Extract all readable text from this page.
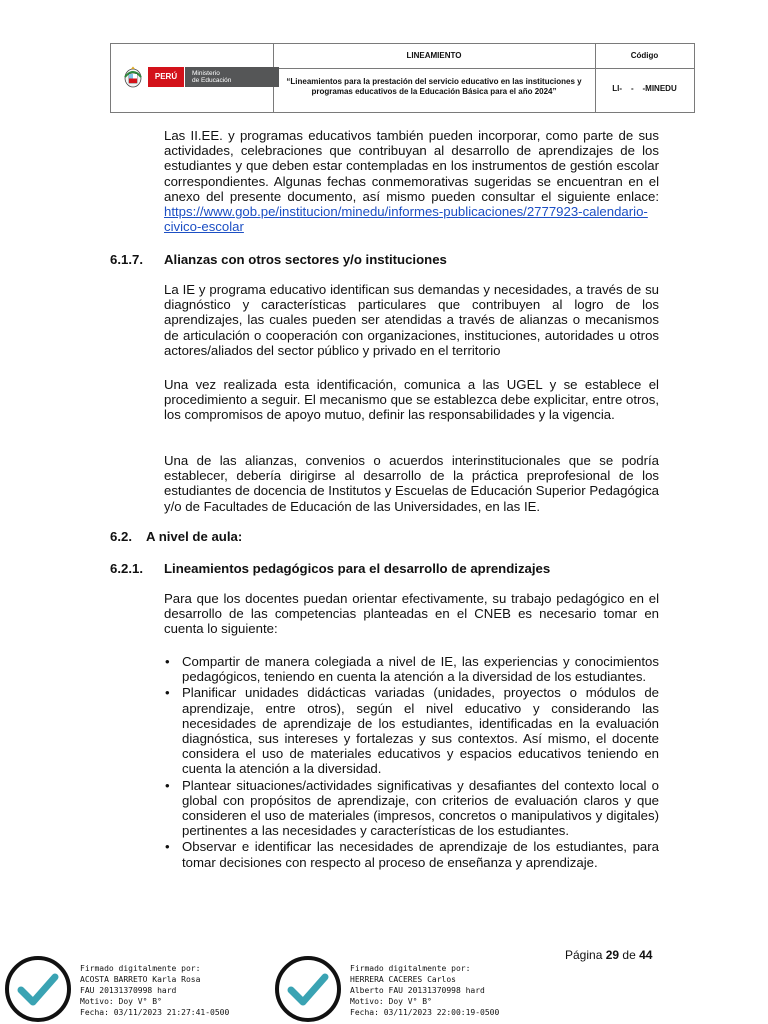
PERÚ	Ministerio
de Educación
LINEAMIENTO	Código
“Lineamientos para la prestación del servicio educativo en las instituciones y programas educativos de la Educación Básica para el año 2024”	LI-    -    -MINEDU

Las II.EE. y programas educativos también pueden incorporar, como parte de sus actividades, celebraciones que contribuyan al desarrollo de aprendizajes de los estudiantes y que deben estar contempladas en los instrumentos de gestión escolar correspondientes. Algunas fechas conmemorativas sugeridas se encuentran en el anexo del presente documento, así mismo pueden consultar el siguiente enlace: https://www.gob.pe/institucion/minedu/informes-publicaciones/2777923-calendario-civico-escolar

6.1.7. Alianzas con otros sectores y/o instituciones

La IE y programa educativo identifican sus demandas y necesidades, a través de su diagnóstico y características particulares que contribuyen al logro de los aprendizajes, las cuales pueden ser atendidas a través de alianzas o mecanismos de articulación o cooperación con organizaciones, instituciones, autoridades u otros actores/aliados del sector público y privado en el territorio

Una vez realizada esta identificación, comunica a las UGEL y se establece el procedimiento a seguir. El mecanismo que se establezca debe explicitar, entre otros, los compromisos de apoyo mutuo, definir las responsabilidades y la vigencia.

Una de las alianzas, convenios o acuerdos interinstitucionales que se podría establecer, debería dirigirse al desarrollo de la práctica preprofesional de los estudiantes de docencia de Institutos y Escuelas de Educación Superior Pedagógica y/o de Facultades de Educación de las Universidades, en las IE.

6.2. A nivel de aula:
6.2.1. Lineamientos pedagógicos para el desarrollo de aprendizajes

Para que los docentes puedan orientar efectivamente, su trabajo pedagógico en el desarrollo de las competencias planteadas en el CNEB es necesario tomar en cuenta lo siguiente:

• Compartir de manera colegiada a nivel de IE, las experiencias y conocimientos pedagógicos, teniendo en cuenta la atención a la diversidad de los estudiantes.
• Planificar unidades didácticas variadas (unidades, proyectos o módulos de aprendizaje, entre otros), según el nivel educativo y considerando las necesidades de aprendizaje de los estudiantes, identificadas en la evaluación diagnóstica, sus intereses y fortalezas y sus contextos. Así mismo, el docente considera el uso de materiales educativos y espacios educativos teniendo en cuenta la atención a la diversidad.
• Plantear situaciones/actividades significativas y desafiantes del contexto local o global con propósitos de aprendizaje, con criterios de evaluación claros y que consideren el uso de materiales (impresos, concretos o manipulativos y digitales) pertinentes a las necesidades y características de los estudiantes.
• Observar e identificar las necesidades de aprendizaje de los estudiantes, para tomar decisiones con respecto al proceso de enseñanza y aprendizaje.
Página 29 de 44
Firmado digitalmente por:
ACOSTA BARRETO Karla Rosa
FAU 20131370998 hard
Motivo: Doy V° B°
Fecha: 03/11/2023 21:27:41-0500
Firmado digitalmente por:
HERRERA CACERES Carlos
Alberto FAU 20131370998 hard
Motivo: Doy V° B°
Fecha: 03/11/2023 22:00:19-0500
